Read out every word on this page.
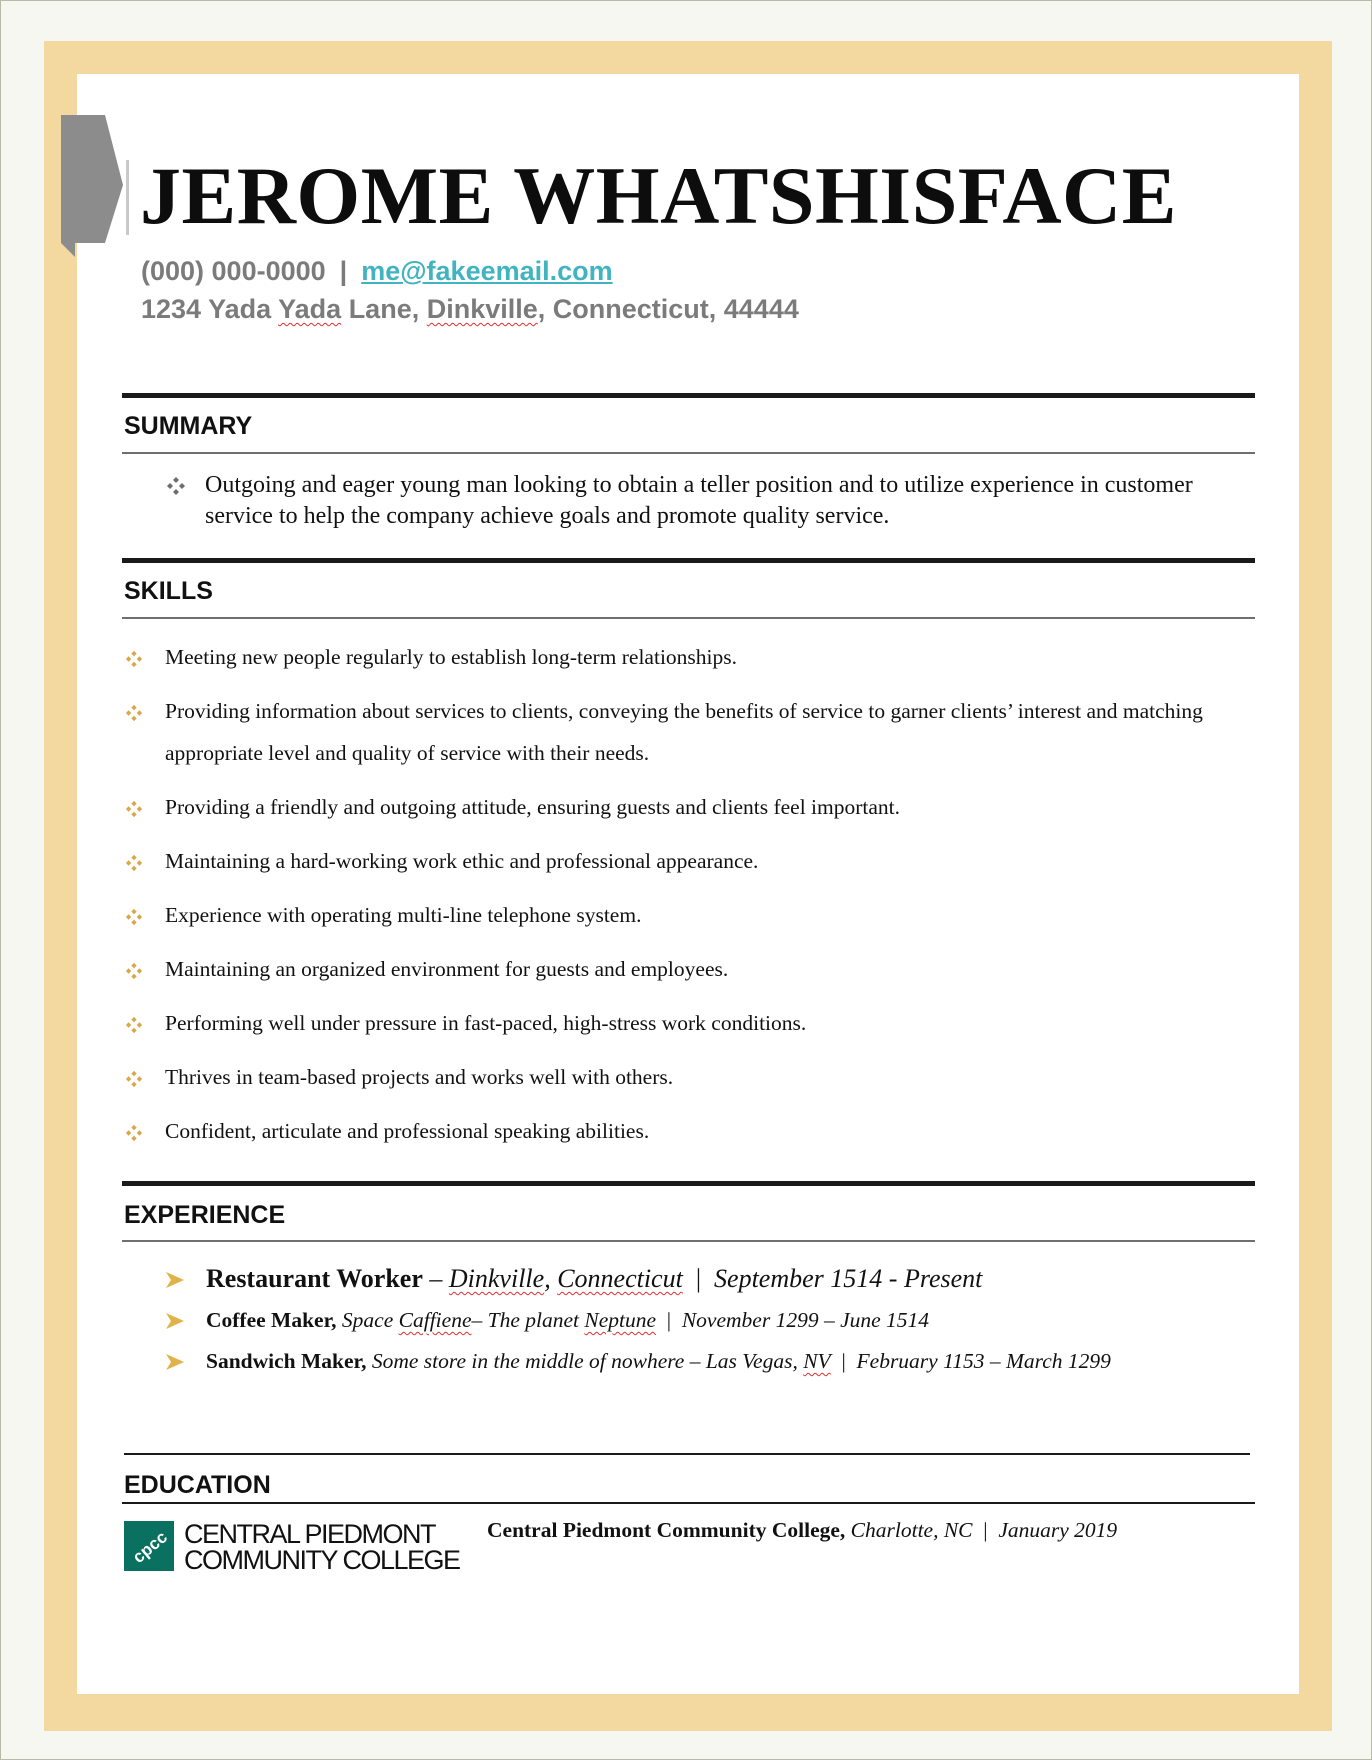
JEROME WHATSHISFACE
(000) 000-0000 | me@fakeemail.com
1234 Yada Yada Lane, Dinkville, Connecticut, 44444
SUMMARY
Outgoing and eager young man looking to obtain a teller position and to utilize experience in customer service to help the company achieve goals and promote quality service.
SKILLS
Meeting new people regularly to establish long-term relationships.
Providing information about services to clients, conveying the benefits of service to garner clients’ interest and matching appropriate level and quality of service with their needs.
Providing a friendly and outgoing attitude, ensuring guests and clients feel important.
Maintaining a hard-working work ethic and professional appearance.
Experience with operating multi-line telephone system.
Maintaining an organized environment for guests and employees.
Performing well under pressure in fast-paced, high-stress work conditions.
Thrives in team-based projects and works well with others.
Confident, articulate and professional speaking abilities.
EXPERIENCE
Restaurant Worker – Dinkville, Connecticut  |  September 1514 - Present
Coffee Maker, Space Caffiene– The planet Neptune  |  November 1299 – June 1514
Sandwich Maker, Some store in the middle of nowhere – Las Vegas, NV  |  February 1153 – March 1299
EDUCATION
cpcc CENTRAL PIEDMONT
COMMUNITY COLLEGE
Central Piedmont Community College, Charlotte, NC  |  January 2019
